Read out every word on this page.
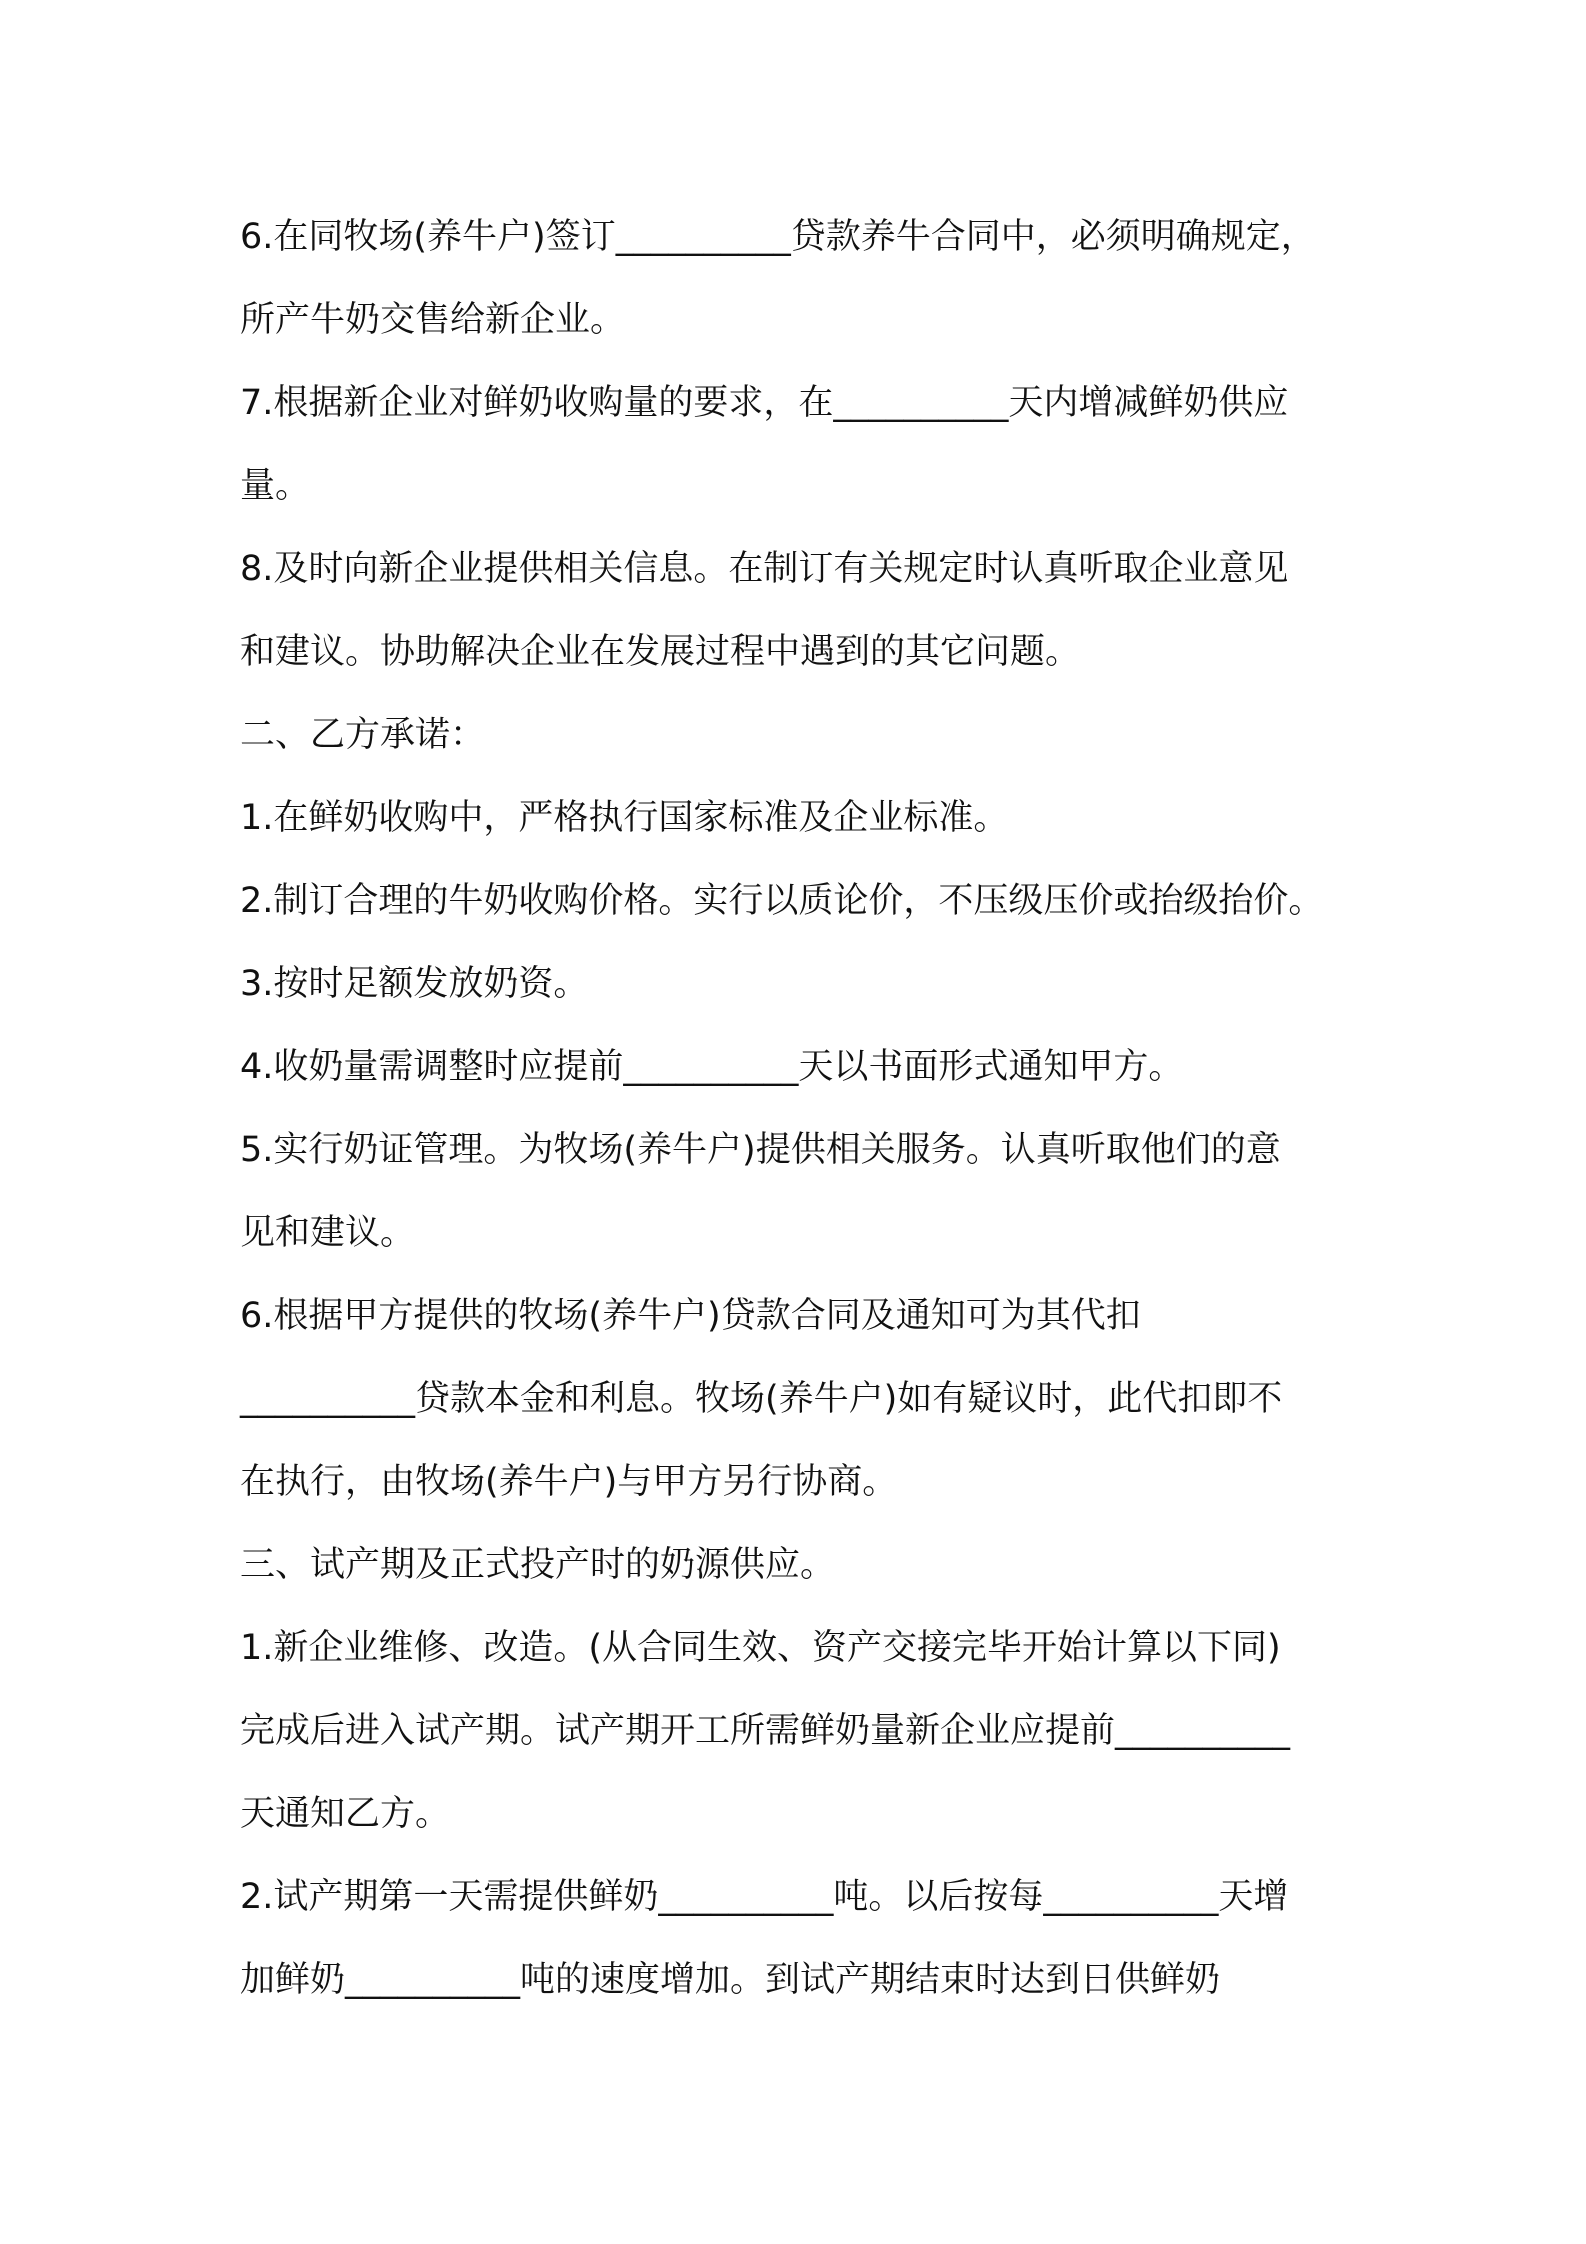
6.在同牧场(养牛户)签订__________贷款养牛合同中，必须明确规定，
所产牛奶交售给新企业。
7.根据新企业对鲜奶收购量的要求，在__________天内增减鲜奶供应
量。
8.及时向新企业提供相关信息。在制订有关规定时认真听取企业意见
和建议。协助解决企业在发展过程中遇到的其它问题。
二、乙方承诺：
1.在鲜奶收购中，严格执行国家标准及企业标准。
2.制订合理的牛奶收购价格。实行以质论价，不压级压价或抬级抬价。
3.按时足额发放奶资。
4.收奶量需调整时应提前__________天以书面形式通知甲方。
5.实行奶证管理。为牧场(养牛户)提供相关服务。认真听取他们的意
见和建议。
6.根据甲方提供的牧场(养牛户)贷款合同及通知可为其代扣
__________贷款本金和利息。牧场(养牛户)如有疑议时，此代扣即不
在执行，由牧场(养牛户)与甲方另行协商。
三、试产期及正式投产时的奶源供应。
1.新企业维修、改造。(从合同生效、资产交接完毕开始计算以下同)
完成后进入试产期。试产期开工所需鲜奶量新企业应提前__________
天通知乙方。
2.试产期第一天需提供鲜奶__________吨。以后按每__________天增
加鲜奶__________吨的速度增加。到试产期结束时达到日供鲜奶
